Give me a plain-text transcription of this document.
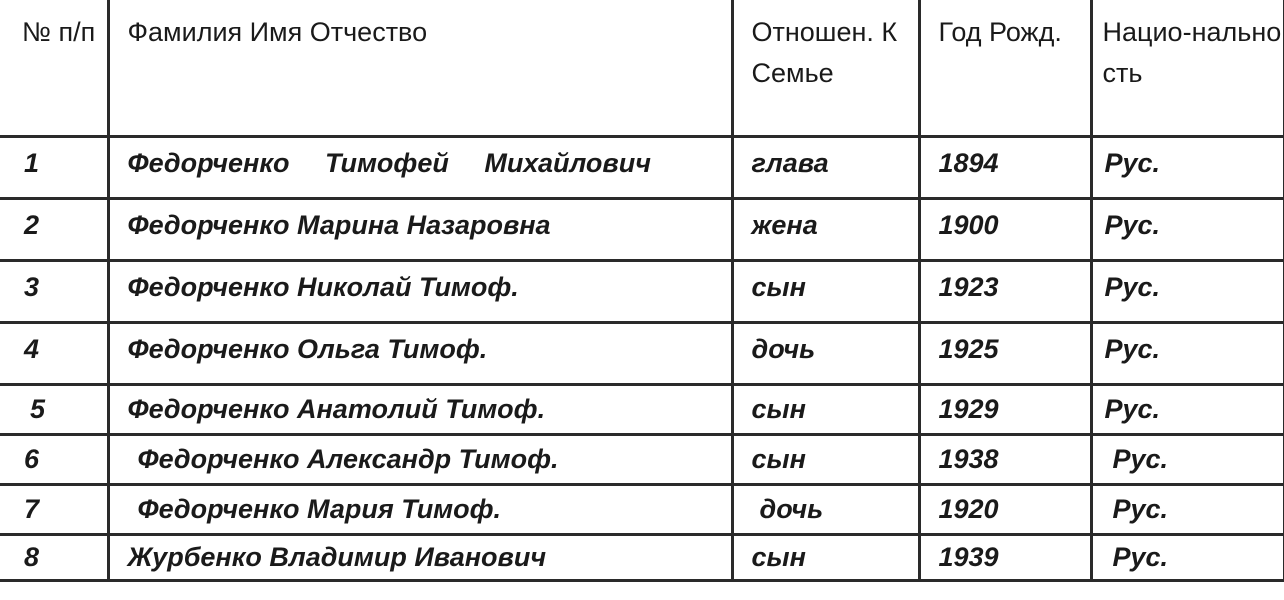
№ п/п	Фамилия Имя Отчество	Отношен. К Семье	Год Рожд.	Нацио-нальность
1	Федорченко Тимофей Михайлович	глава	1894	Рус.
2	Федорченко Марина Назаровна	жена	1900	Рус.
3	Федорченко Николай Тимоф.	сын	1923	Рус.
4	Федорченко Ольга Тимоф.	дочь	1925	Рус.
5	Федорченко Анатолий Тимоф.	сын	1929	Рус.
6	Федорченко Александр Тимоф.	сын	1938	Рус.
7	Федорченко Мария Тимоф.	дочь	1920	Рус.
8	Журбенко Владимир Иванович	сын	1939	Рус.
